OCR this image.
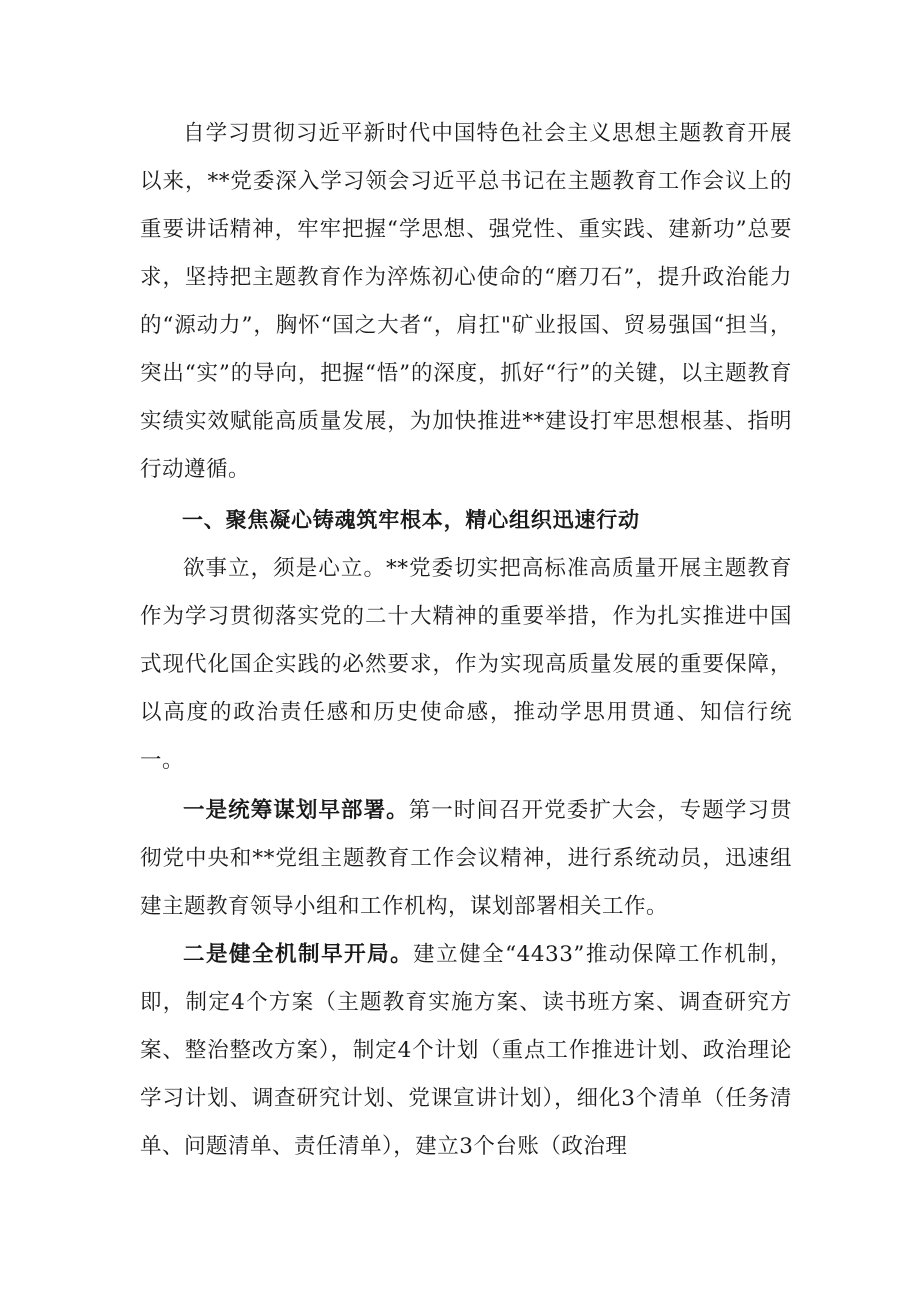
自学习贯彻习近平新时代中国特色社会主义思想主题教育开展以来，**党委深入学习领会习近平总书记在主题教育工作会议上的重要讲话精神，牢牢把握“学思想、强党性、重实践、建新功”总要求，坚持把主题教育作为淬炼初心使命的“磨刀石”，提升政治能力的“源动力”，胸怀“国之大者“，肩扛"矿业报国、贸易强国“担当，突出“实”的导向，把握“悟”的深度，抓好“行”的关键，以主题教育实绩实效赋能高质量发展，为加快推进**建设打牢思想根基、指明行动遵循。

一、聚焦凝心铸魂筑牢根本，精心组织迅速行动

欲事立，须是心立。**党委切实把高标准高质量开展主题教育作为学习贯彻落实党的二十大精神的重要举措，作为扎实推进中国式现代化国企实践的必然要求，作为实现高质量发展的重要保障，以高度的政治责任感和历史使命感，推动学思用贯通、知信行统一。

一是统筹谋划早部署。第一时间召开党委扩大会，专题学习贯彻党中央和**党组主题教育工作会议精神，进行系统动员，迅速组建主题教育领导小组和工作机构，谋划部署相关工作。

二是健全机制早开局。建立健全“4433”推动保障工作机制，即，制定4个方案（主题教育实施方案、读书班方案、调查研究方案、整治整改方案），制定4个计划（重点工作推进计划、政治理论学习计划、调查研究计划、党课宣讲计划），细化3个清单（任务清单、问题清单、责任清单），建立3个台账（政治理
